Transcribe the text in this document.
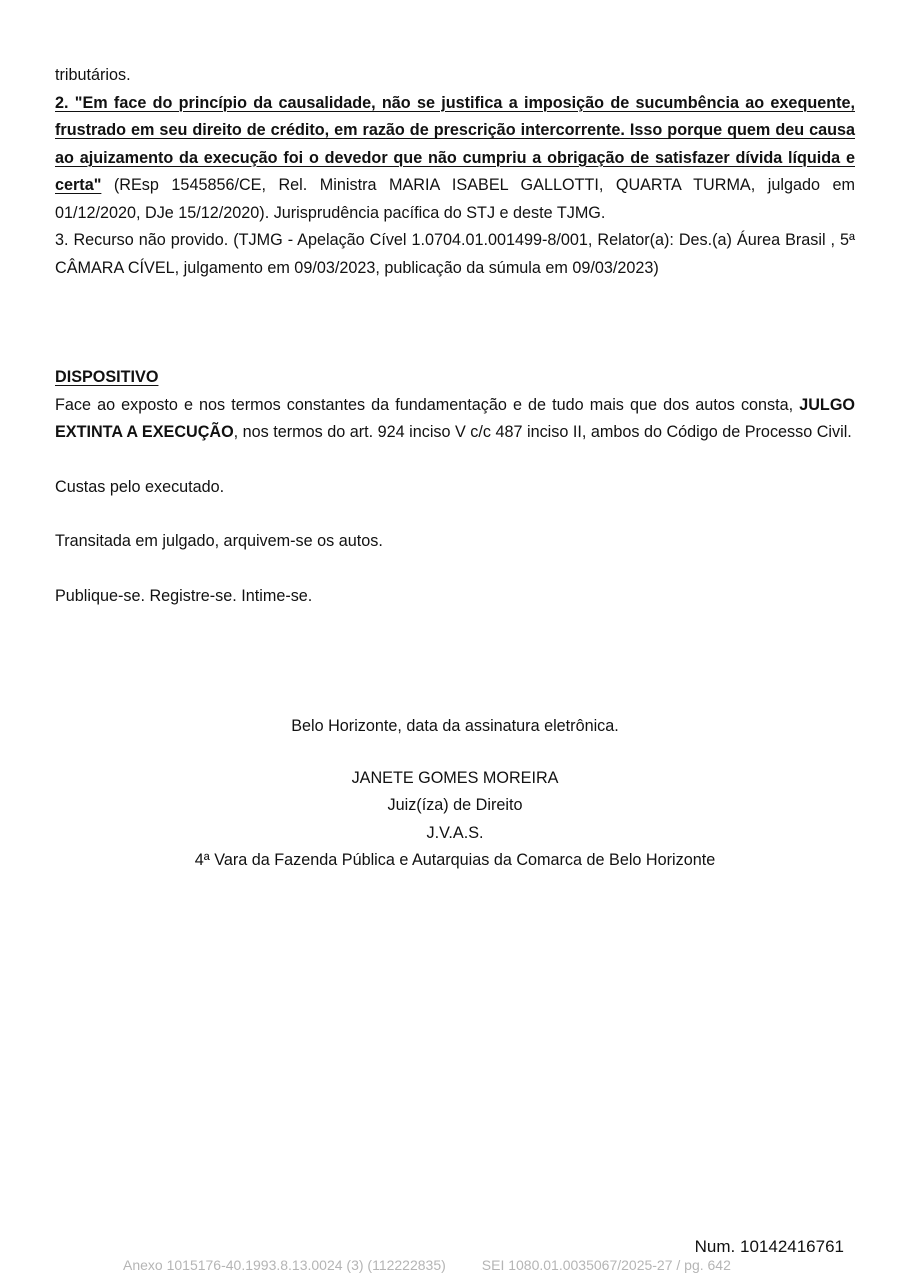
tributários.

2. "Em face do princípio da causalidade, não se justifica a imposição de sucumbência ao exequente, frustrado em seu direito de crédito, em razão de prescrição intercorrente. Isso porque quem deu causa ao ajuizamento da execução foi o devedor que não cumpriu a obrigação de satisfazer dívida líquida e certa" (REsp 1545856/CE, Rel. Ministra MARIA ISABEL GALLOTTI, QUARTA TURMA, julgado em 01/12/2020, DJe 15/12/2020). Jurisprudência pacífica do STJ e deste TJMG.

3. Recurso não provido. (TJMG - Apelação Cível 1.0704.01.001499-8/001, Relator(a): Des.(a) Áurea Brasil , 5ª CÂMARA CÍVEL, julgamento em 09/03/2023, publicação da súmula em 09/03/2023)

DISPOSITIVO

Face ao exposto e nos termos constantes da fundamentação e de tudo mais que dos autos consta, JULGO EXTINTA A EXECUÇÃO, nos termos do art. 924 inciso V c/c 487 inciso II, ambos do Código de Processo Civil.

Custas pelo executado.

Transitada em julgado, arquivem-se os autos.

Publique-se. Registre-se. Intime-se.

Belo Horizonte, data da assinatura eletrônica.
JANETE GOMES MOREIRA
Juiz(íza) de Direito
J.V.A.S.
4ª Vara da Fazenda Pública e Autarquias da Comarca de Belo Horizonte
Num. 10142416761
Anexo 1015176-40.1993.8.13.0024 (3) (112222835)	SEI 1080.01.0035067/2025-27 / pg. 642
